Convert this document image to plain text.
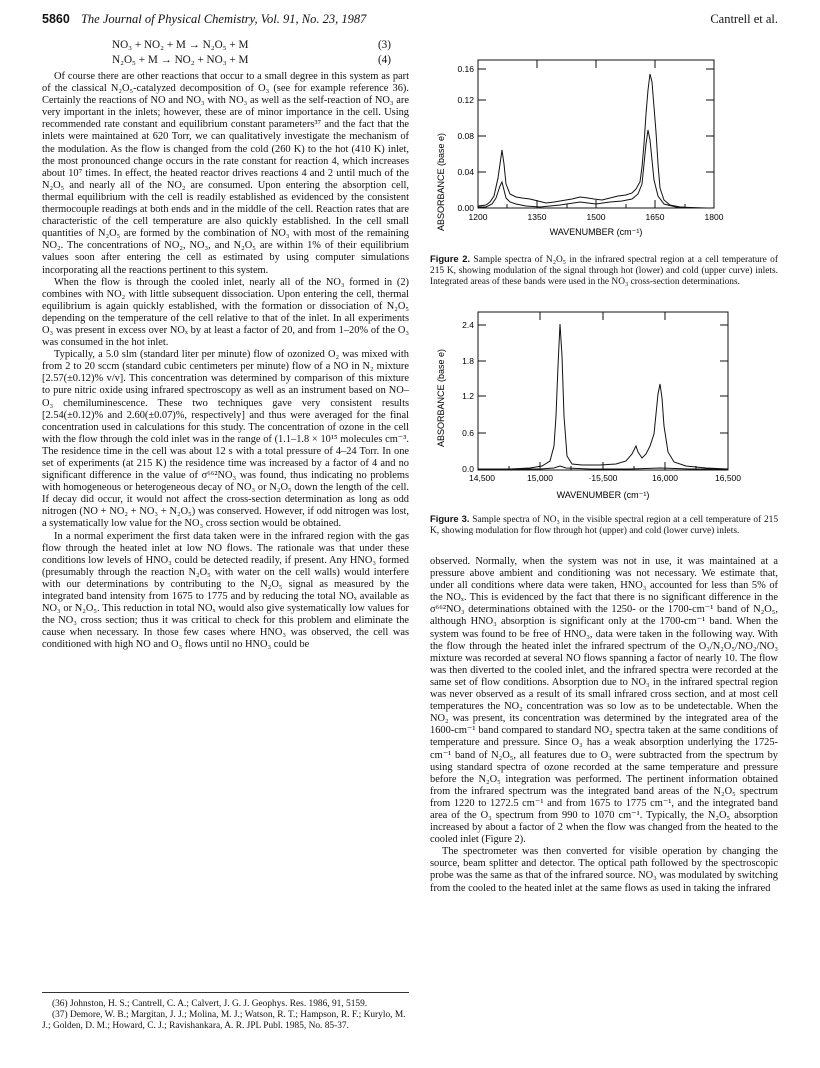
5860 The Journal of Physical Chemistry, Vol. 91, No. 23, 1987	Cantrell et al.
NO₃ + NO₂ + M → N₂O₅ + M	(3)
N₂O₅ + M → NO₂ + NO₃ + M	(4)

Of course there are other reactions that occur to a small degree in this system as part of the classical N₂O₅-catalyzed decomposition of O₃ (see for example reference 36). Certainly the reactions of NO and NO₃ with NO₃ as well as the self-reaction of NO₃ are very important in the inlets; however, these are of minor importance in the cell. Using recommended rate constant and equilibrium constant parameters³⁷ and the fact that the inlets were maintained at 620 Torr, we can qualitatively investigate the mechanism of the modulation. As the flow is changed from the cold (260 K) to the hot (410 K) inlet, the most pronounced change occurs in the rate constant for reaction 4, which increases about 10⁷ times. In effect, the heated reactor drives reactions 4 and 2 until much of the N₂O₅ and nearly all of the NO₂ are consumed. Upon entering the absorption cell, thermal equilibrium with the cell is readily established as evidenced by the consistent thermocouple readings at both ends and in the middle of the cell. Reaction rates that are characteristic of the cell temperature are also quickly established. In the cell small quantities of N₂O₅ are formed by the combination of NO₃ with most of the remaining NO₂. The concentrations of NO₂, NO₃, and N₂O₅ are within 1% of their equilibrium values soon after entering the cell as estimated by using computer simulations incorporating all the reactions pertinent to this system.

When the flow is through the cooled inlet, nearly all of the NO₃ formed in (2) combines with NO₂ with little subsequent dissociation. Upon entering the cell, thermal equilibrium is again quickly established, with the formation or dissociation of N₂O₅ depending on the temperature of the cell relative to that of the inlet. In all experiments O₃ was present in excess over NOₓ by at least a factor of 20, and from 1–20% of the O₃ was consumed in the hot inlet.

Typically, a 5.0 slm (standard liter per minute) flow of ozonized O₂ was mixed with from 2 to 20 sccm (standard cubic centimeters per minute) flow of a NO in N₂ mixture [2.57(±0.12)% v/v]. This concentration was determined by comparison of this mixture to pure nitric oxide using infrared spectroscopy as well as an instrument based on NO–O₃ chemiluminescence. These two techniques gave very consistent results [2.54(±0.12)% and 2.60(±0.07)%, respectively] and thus were averaged for the final concentration used in calculations for this study. The concentration of ozone in the cell with the flow through the cold inlet was in the range of (1.1–1.8 × 10¹⁵ molecules cm⁻³. The residence time in the cell was about 12 s with a total pressure of 4–24 Torr. In one set of experiments (at 215 K) the residence time was increased by a factor of 4 and no significant difference in the value of σ⁶⁶²NO₃ was found, thus indicating no problems with homogeneous or heterogeneous decay of NO₃ or N₂O₅ down the length of the cell. If decay did occur, it would not affect the cross-section determination as long as odd nitrogen (NO + NO₂ + NO₃ + N₂O₅) was conserved. However, if odd nitrogen was lost, a systematically low value for the NO₃ cross section would be obtained.

In a normal experiment the first data taken were in the infrared region with the gas flow through the heated inlet at low NO flows. The rationale was that under these conditions low levels of HNO₃ could be detected readily, if present. Any HNO₃ formed (presumably through the reaction N₂O₅ with water on the cell walls) would interfere with our determinations by contributing to the N₂O₅ signal as measured by the integrated band intensity from 1675 to 1775 and by reducing the total NOₓ available as NO₃ or N₂O₅. This reduction in total NOₓ would also give systematically low values for the NO₃ cross section; thus it was critical to check for this problem and eliminate the cause when necessary. In those few cases where HNO₃ was observed, the cell was conditioned with high NO and O₃ flows until no HNO₃ could be

(36) Johnston, H. S.; Cantrell, C. A.; Calvert, J. G. J. Geophys. Res. 1986, 91, 5159.

(37) Demore, W. B.; Margitan, J. J.; Molina, M. J.; Watson, R. T.; Hampson, R. F.; Kurylo, M. J.; Golden, D. M.; Howard, C. J.; Ravishankara, A. R. JPL Publ. 1985, No. 85-37.

ABSORBANCE (base e) 0.00
0.04
0.08
0.12
0.16
1200	1350	1500	1650	1800
WAVENUMBER (cm⁻¹)
Figure 2. Sample spectra of N₂O₅ in the infrared spectral region at a cell temperature of 215 K, showing modulation of the signal through hot (lower) and cold (upper curve) inlets. Integrated areas of these bands were used in the NO₃ cross-section determinations.
ABSORBANCE (base e)
0.0
0.6
1.2
1.8
2.4
14,500	15,000	·15,500	16,000	16,500
WAVENUMBER (cm⁻¹)
Figure 3. Sample spectra of NO₃ in the visible spectral region at a cell temperature of 215 K, showing modulation for flow through hot (upper) and cold (lower curve) inlets.

observed. Normally, when the system was not in use, it was maintained at a pressure above ambient and conditioning was not necessary. We estimate that, under all conditions where data were taken, HNO₃ accounted for less than 5% of the NOₓ. This is evidenced by the fact that there is no significant difference in the σ⁶⁶²NO₃ determinations obtained with the 1250- or the 1700-cm⁻¹ band of N₂O₅, although HNO₃ absorption is significant only at the 1700-cm⁻¹ band. When the system was found to be free of HNO₃, data were taken in the following way. With the flow through the heated inlet the infrared spectrum of the O₃/N₂O₅/NO₂/NO₃ mixture was recorded at several NO flows spanning a factor of nearly 10. The flow was then diverted to the cooled inlet, and the infrared spectra were recorded at the same set of flow conditions. Absorption due to NO₃ in the infrared spectral region was never observed as a result of its small infrared cross section, and at most cell temperatures the NO₂ concentration was so low as to be undetectable. When the NO₂ was present, its concentration was determined by the integrated area of the 1600-cm⁻¹ band compared to standard NO₂ spectra taken at the same conditions of temperature and pressure. Since O₃ has a weak absorption underlying the 1725-cm⁻¹ band of N₂O₅, all features due to O₃ were subtracted from the spectrum by using standard spectra of ozone recorded at the same temperature and pressure before the N₂O₅ integration was performed. The pertinent information obtained from the infrared spectrum was the integrated band areas of the N₂O₅ spectrum from 1220 to 1272.5 cm⁻¹ and from 1675 to 1775 cm⁻¹, and the integrated band area of the O₃ spectrum from 990 to 1070 cm⁻¹. Typically, the N₂O₅ absorption increased by about a factor of 2 when the flow was changed from the heated to the cooled inlet (Figure 2).

The spectrometer was then converted for visible operation by changing the source, beam splitter and detector. The optical path followed by the spectroscopic probe was the same as that of the infrared source. NO₃ was modulated by switching from the cooled to the heated inlet at the same flows as used in taking the infrared
